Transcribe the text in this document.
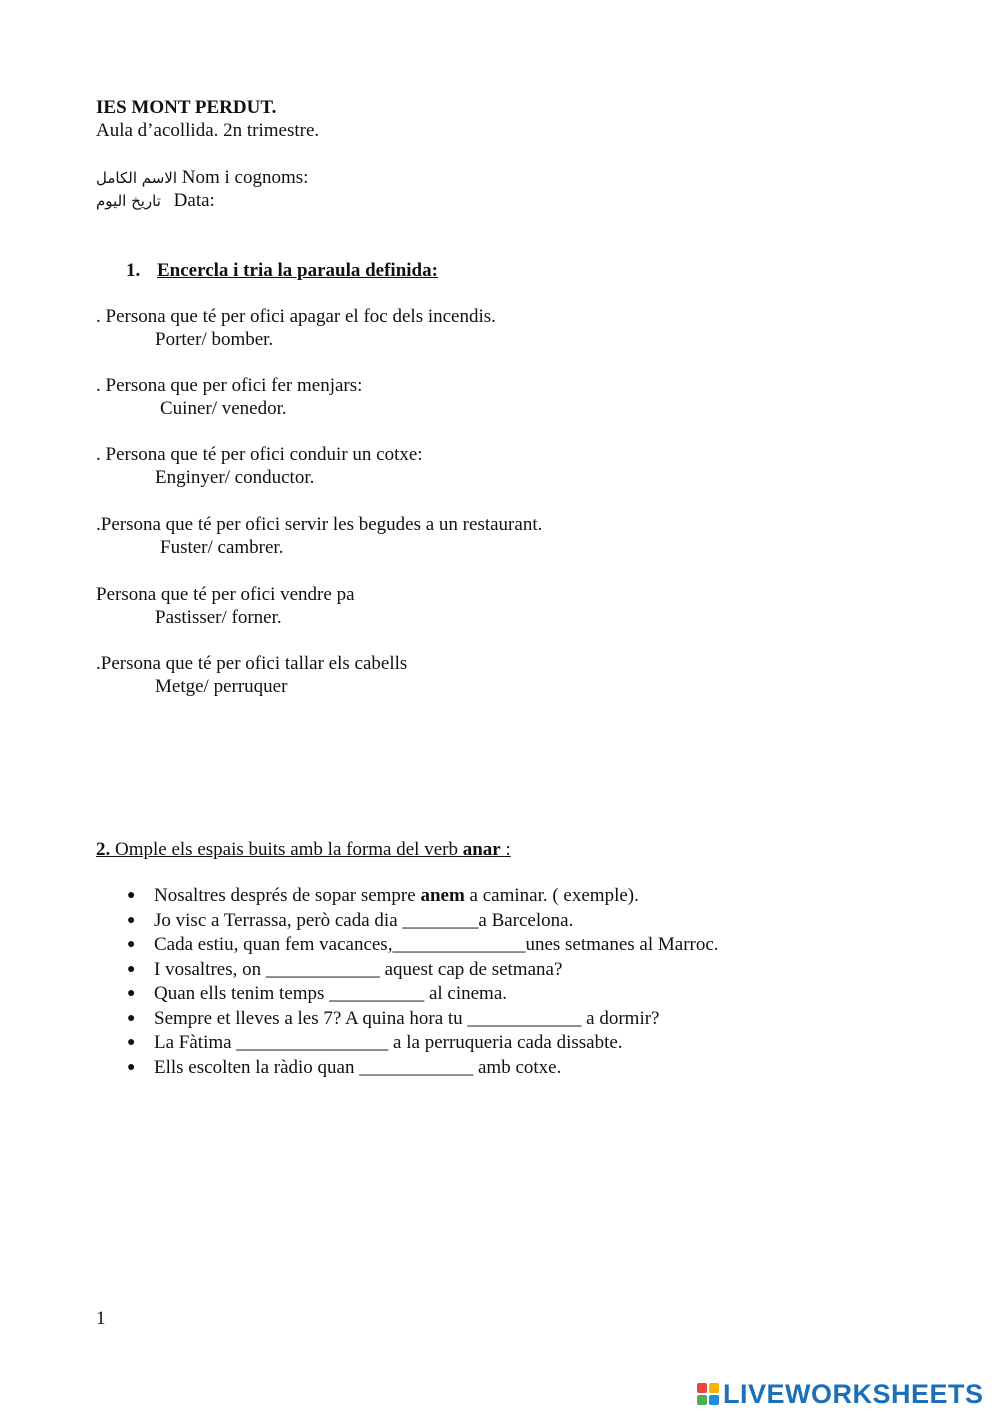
IES MONT PERDUT.
Aula d’acollida. 2n trimestre.
الاسم الكامل Nom i cognoms:
تاريخ اليوم Data:
1. Encercla i tria la paraula definida:
. Persona que té per ofici apagar el foc dels incendis.
Porter/ bomber.
. Persona que per ofici fer menjars:
Cuiner/ venedor.
. Persona que té per ofici conduir un cotxe:
Enginyer/ conductor.
.Persona que té per ofici servir les begudes a un restaurant.
Fuster/ cambrer.
Persona que té per ofici vendre pa
Pastisser/ forner.
.Persona que té per ofici tallar els cabells
Metge/ perruquer
2. Omple els espais buits amb la forma del verb anar :
● Nosaltres després de sopar sempre anem a caminar. ( exemple).
● Jo visc a Terrassa, però cada dia ________a Barcelona.
● Cada estiu, quan fem vacances,______________unes setmanes al Marroc.
● I vosaltres, on ____________ aquest cap de setmana?
● Quan ells tenim temps __________ al cinema.
● Sempre et lleves a les 7? A quina hora tu ____________ a dormir?
● La Fàtima ________________ a la perruqueria cada dissabte.
● Ells escolten la ràdio quan ____________ amb cotxe.
1
LIVEWORKSHEETS
